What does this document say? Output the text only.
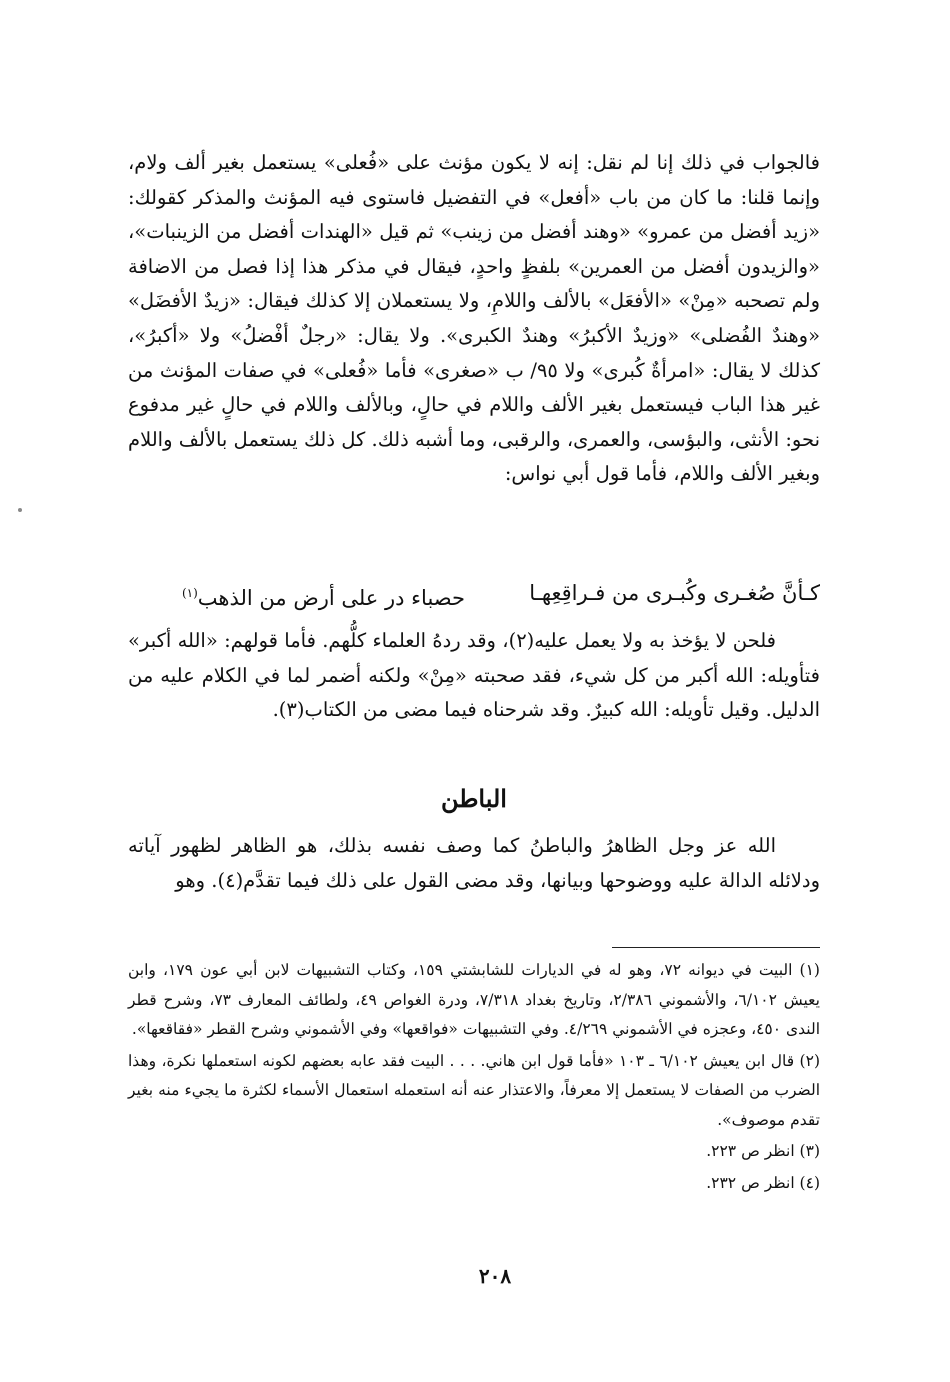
فالجواب في ذلك إنا لم نقل: إنه لا يكون مؤنث على «فُعلى» يستعمل بغير ألف ولام، وإنما قلنا: ما كان من باب «أفعل» في التفضيل فاستوى فيه المؤنث والمذكر كقولك: «زيد أفضل من عمرو» «وهند أفضل من زينب» ثم قيل «الهندات أفضل من الزينبات»، «والزيدون أفضل من العمرين» بلفظٍ واحدٍ، فيقال في مذكر هذا إذا فصل من الاضافة ولم تصحبه «مِنْ» «الأفعَل» بالألف واللامِ، ولا يستعملان إلا كذلك فيقال: «زيدٌ الأفضَل» «وهندٌ الفُضلى» «وزيدٌ الأكبرُ» وهندٌ الكبرى». ولا يقال: «رجلٌ أفْضلُ» ولا «أكبرُ»، كذلك لا يقال: «امرأةٌ كُبرى» ولا ٩٥/ ب «صغرى» فأما «فُعلى» في صفات المؤنث من غير هذا الباب فيستعمل بغير الألف واللام في حالٍ، وبالألف واللام في حالٍ غير مدفوع نحو: الأنثى، والبؤسى، والعمرى، والرقبى، وما أشبه ذلك. كل ذلك يستعمل بالألف واللام وبغير الألف واللام، فأما قول أبي نواس:

كـأنَّ صُغـرى وكُبـرى من فـراقِعِهـا
حصباء در على أرض من الذهب$^{(١)}$

فلحن لا يؤخذ به ولا يعمل عليه(٢)، وقد ردهُ العلماء كلُّهم. فأما قولهم: «الله أكبر» فتأويله: الله أكبر من كل شيء، فقد صحبته «مِنْ» ولكنه أضمر لما في الكلام عليه من الدليل. وقيل تأويله: الله كبيرٌ. وقد شرحناه فيما مضى من الكتاب(٣).

الباطن

الله عز وجل الظاهرُ والباطنُ كما وصف نفسه بذلك، هو الظاهر لظهور آياته ودلائله الدالة عليه ووضوحها وبيانها، وقد مضى القول على ذلك فيما تقدَّم(٤). وهو

(١) البيت في ديوانه ٧٢، وهو له في الديارات للشابشتي ١٥٩، وكتاب التشبيهات لابن أبي عون ١٧٩، وابن يعيش ٦/١٠٢، والأشموني ٢/٣٨٦، وتاريخ بغداد ٧/٣١٨، ودرة الغواص ٤٩، ولطائف المعارف ٧٣، وشرح قطر الندى ٤٥٠، وعجزه في الأشموني ٤/٢٦٩. وفي التشبيهات «فواقعها» وفي الأشموني وشرح القطر «فقاقعها».

(٢) قال ابن يعيش ٦/١٠٢ ـ ١٠٣ «فأما قول ابن هاني. . . . البيت فقد عابه بعضهم لكونه استعملها نكرة، وهذا الضرب من الصفات لا يستعمل إلا معرفاً، والاعتذار عنه أنه استعمله استعمال الأسماء لكثرة ما يجيء منه بغير تقدم موصوف».

(٣) انظر ص ٢٢٣.

(٤) انظر ص ٢٣٢.

٢٠٨
